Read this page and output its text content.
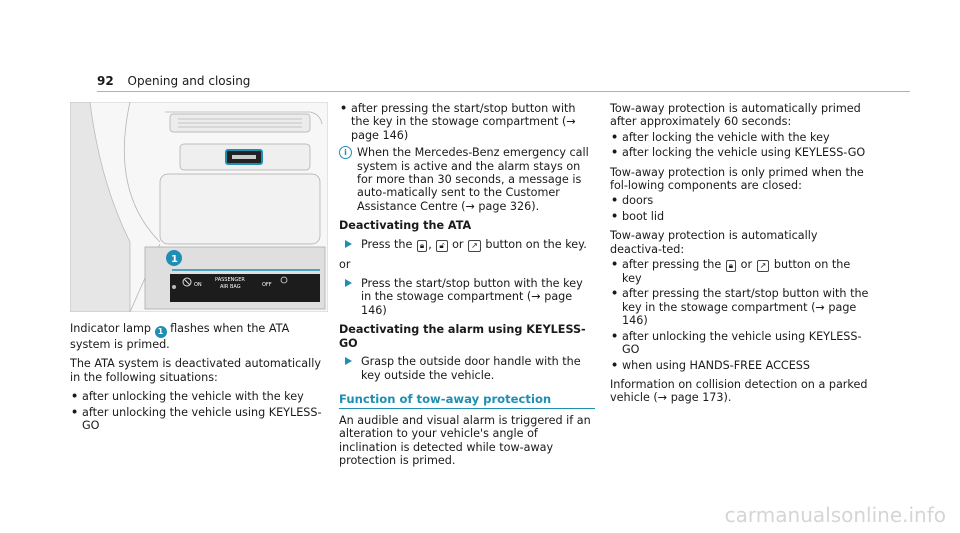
92 Opening and closing
ON
PASSENGER
AIR BAG	OFF
1

Indicator lamp 1 flashes when the ATA system is primed.

The ATA system is deactivated automatically in the following situations:

• after unlocking the vehicle with the key
• after unlocking the vehicle using KEYLESS-GO
• after pressing the start/stop button with the key in the stowage compartment (→ page 146)
i When the Mercedes-Benz emergency call system is active and the alarm stays on for more than 30 seconds, a message is auto-matically sent to the Customer Assistance Centre (→ page 326).
Deactivating the ATA
Press the 🔒︎ , 🔓︎ or ↗ button on the key.

or

Press the start/stop button with the key in the stowage compartment (→ page 146)
Deactivating the alarm using KEYLESS-GO
Grasp the outside door handle with the key outside the vehicle.
Function of tow-away protection
An audible and visual alarm is triggered if an alteration to your vehicle's angle of inclination is detected while tow-away protection is primed.

Tow-away protection is automatically primed after approximately 60 seconds:

• after locking the vehicle with the key
• after locking the vehicle using KEYLESS-GO

Tow-away protection is only primed when the fol-lowing components are closed:

• doors
• boot lid

Tow-away protection is automatically deactiva-ted:

• after pressing the 🔒︎ or ↗ button on the key
• after pressing the start/stop button with the key in the stowage compartment (→ page 146)
• after unlocking the vehicle using KEYLESS-GO
• when using HANDS-FREE ACCESS

Information on collision detection on a parked vehicle (→ page 173).

carmanualsonline.info
